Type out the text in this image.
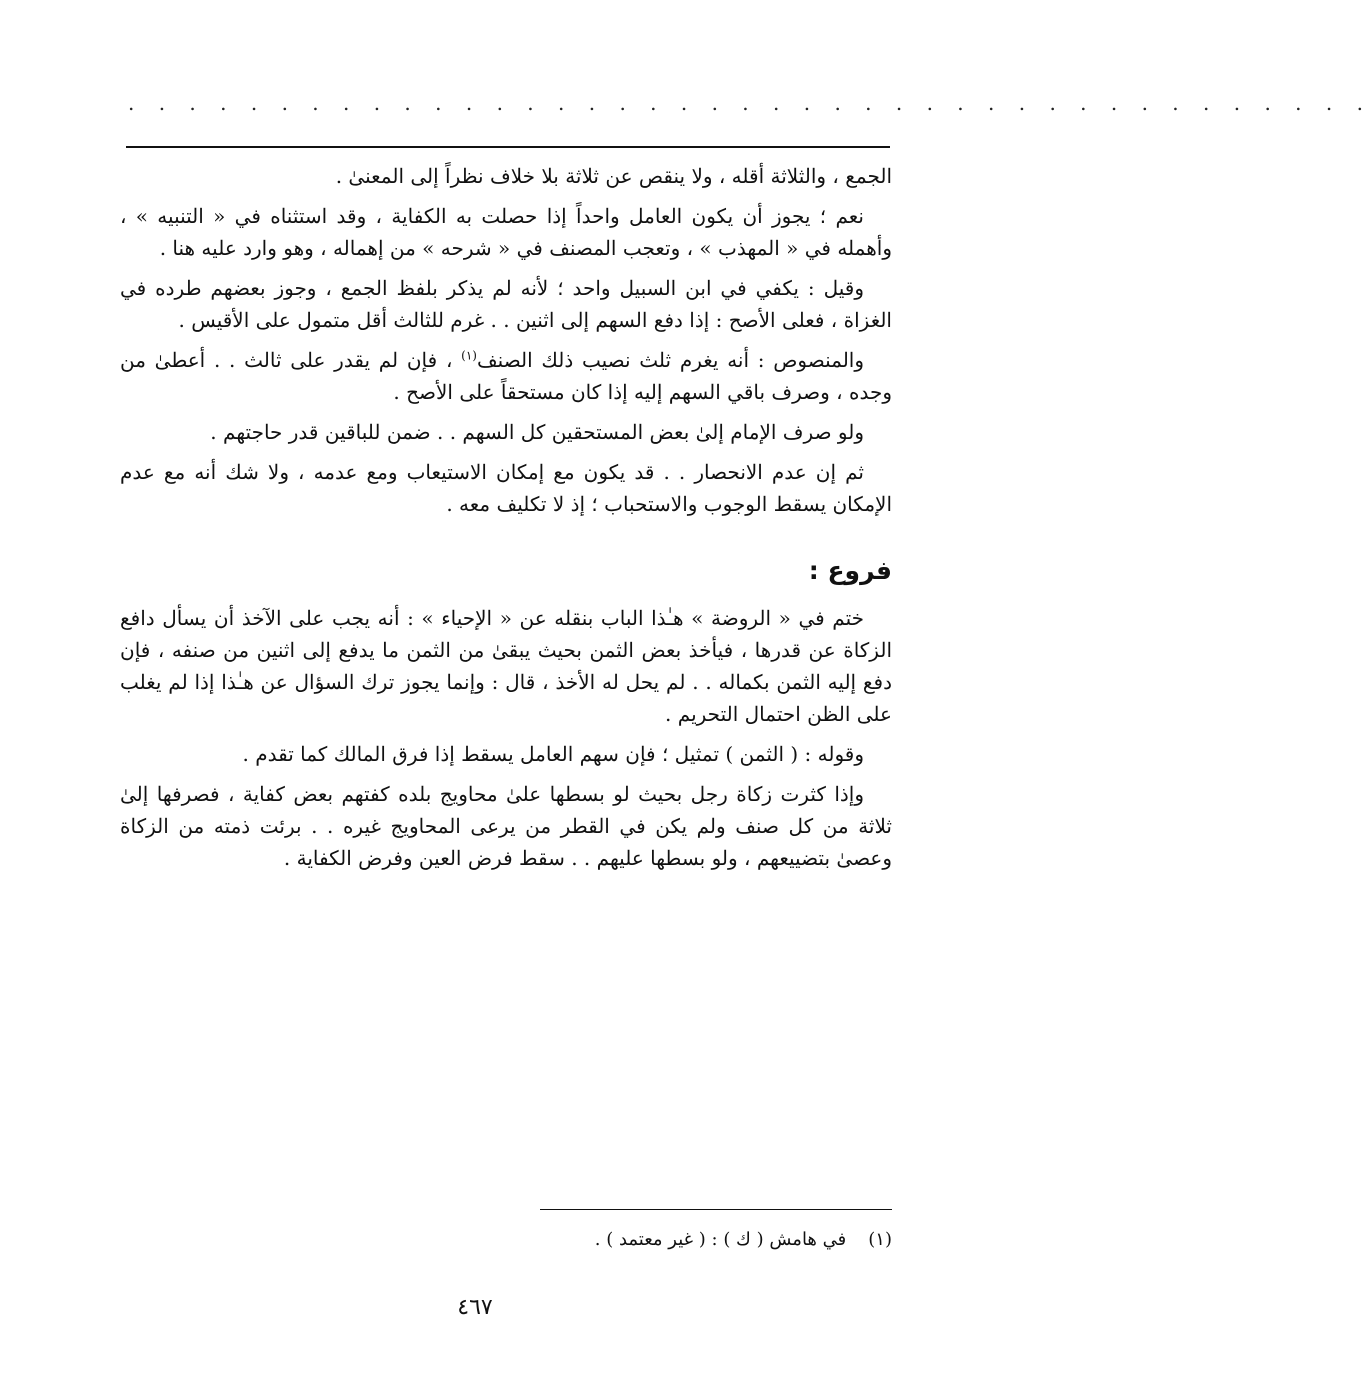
. . . . . . . . . . . . . . . . . . . . . . . . . . . . . . . . . . . . . . . . .

الجمع ، والثلاثة أقله ، ولا ينقص عن ثلاثة بلا خلاف نظراً إلى المعنىٰ .

نعم ؛ يجوز أن يكون العامل واحداً إذا حصلت به الكفاية ، وقد استثناه في « التنبيه » ، وأهمله في « المهذب » ، وتعجب المصنف في « شرحه » من إهماله ، وهو وارد عليه هنا .

وقيل : يكفي في ابن السبيل واحد ؛ لأنه لم يذكر بلفظ الجمع ، وجوز بعضهم طرده في الغزاة ، فعلى الأصح : إذا دفع السهم إلى اثنين . . غرم للثالث أقل متمول على الأقيس .

والمنصوص : أنه يغرم ثلث نصيب ذلك الصنف$^{(١)}$ ، فإن لم يقدر على ثالث . . أعطىٰ من وجده ، وصرف باقي السهم إليه إذا كان مستحقاً على الأصح .

ولو صرف الإمام إلىٰ بعض المستحقين كل السهم . . ضمن للباقين قدر حاجتهم .

ثم إن عدم الانحصار . . قد يكون مع إمكان الاستيعاب ومع عدمه ، ولا شك أنه مع عدم الإمكان يسقط الوجوب والاستحباب ؛ إذ لا تكليف معه .

فروع :

ختم في « الروضة » هـٰذا الباب بنقله عن « الإحياء » : أنه يجب على الآخذ أن يسأل دافع الزكاة عن قدرها ، فيأخذ بعض الثمن بحيث يبقىٰ من الثمن ما يدفع إلى اثنين من صنفه ، فإن دفع إليه الثمن بكماله . . لم يحل له الأخذ ، قال : وإنما يجوز ترك السؤال عن هـٰذا إذا لم يغلب على الظن احتمال التحريم .

وقوله : ( الثمن ) تمثيل ؛ فإن سهم العامل يسقط إذا فرق المالك كما تقدم .

وإذا كثرت زكاة رجل بحيث لو بسطها علىٰ محاويج بلده كفتهم بعض كفاية ، فصرفها إلىٰ ثلاثة من كل صنف ولم يكن في القطر من يرعى المحاويج غيره . . برئت ذمته من الزكاة وعصىٰ بتضييعهم ، ولو بسطها عليهم . . سقط فرض العين وفرض الكفاية .

(١)في هامش ( ك ) : ( غير معتمد ) .
٤٦٧
